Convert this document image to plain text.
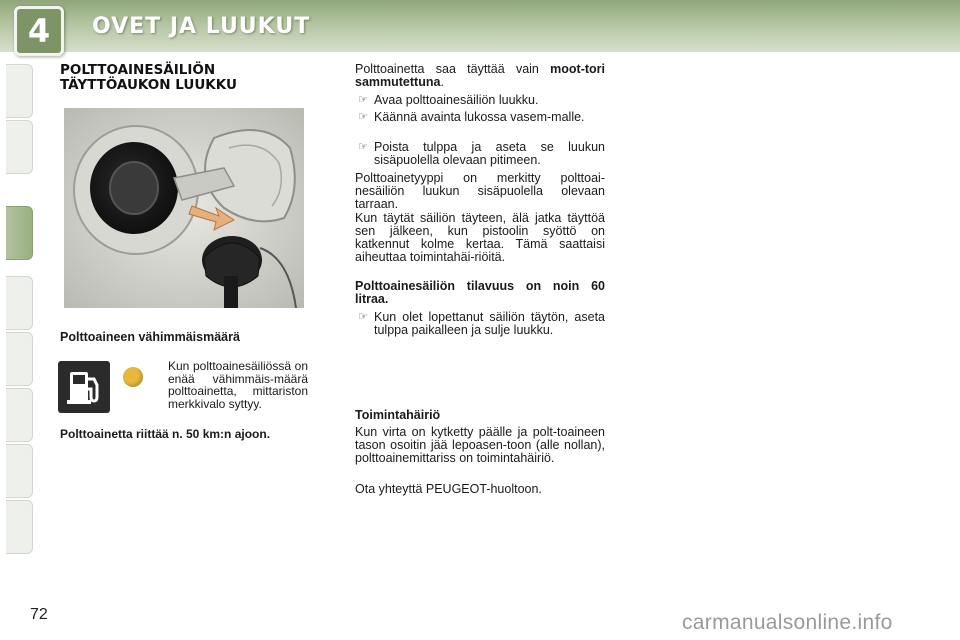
4 OVET JA LUUKUT
POLTTOAINESÄILIÖN
TÄYTTÖAUKON LUUKKU
Polttoaineen vähimmäismäärä
Kun polttoainesäiliössä on enää vähimmäis-määrä polttoainetta, mittariston merkkivalo syttyy.
Polttoainetta riittää n. 50 km:n ajoon.
Polttoainetta saa täyttää vain moot-tori sammutettuna.
☞ Avaa polttoainesäiliön luukku.
☞ Käännä avainta lukossa vasem-malle.
☞ Poista tulppa ja aseta se luukun sisäpuolella olevaan pitimeen.
Polttoainetyyppi on merkitty polttoai-nesäiliön luukun sisäpuolella olevaan tarraan.
Kun täytät säiliön täyteen, älä jatka täyttöä sen jälkeen, kun pistoolin syöttö on katkennut kolme kertaa. Tämä saattaisi aiheuttaa toimintahäi-riöitä.
Polttoainesäiliön tilavuus on noin 60 litraa.
☞ Kun olet lopettanut säiliön täytön, aseta tulppa paikalleen ja sulje luukku.
Toimintahäiriö
Kun virta on kytketty päälle ja polt-toaineen tason osoitin jää lepoasen-toon (alle nollan), polttoainemittariss on toimintahäiriö.
Ota yhteyttä PEUGEOT-huoltoon.
72	carmanualsonline.info
